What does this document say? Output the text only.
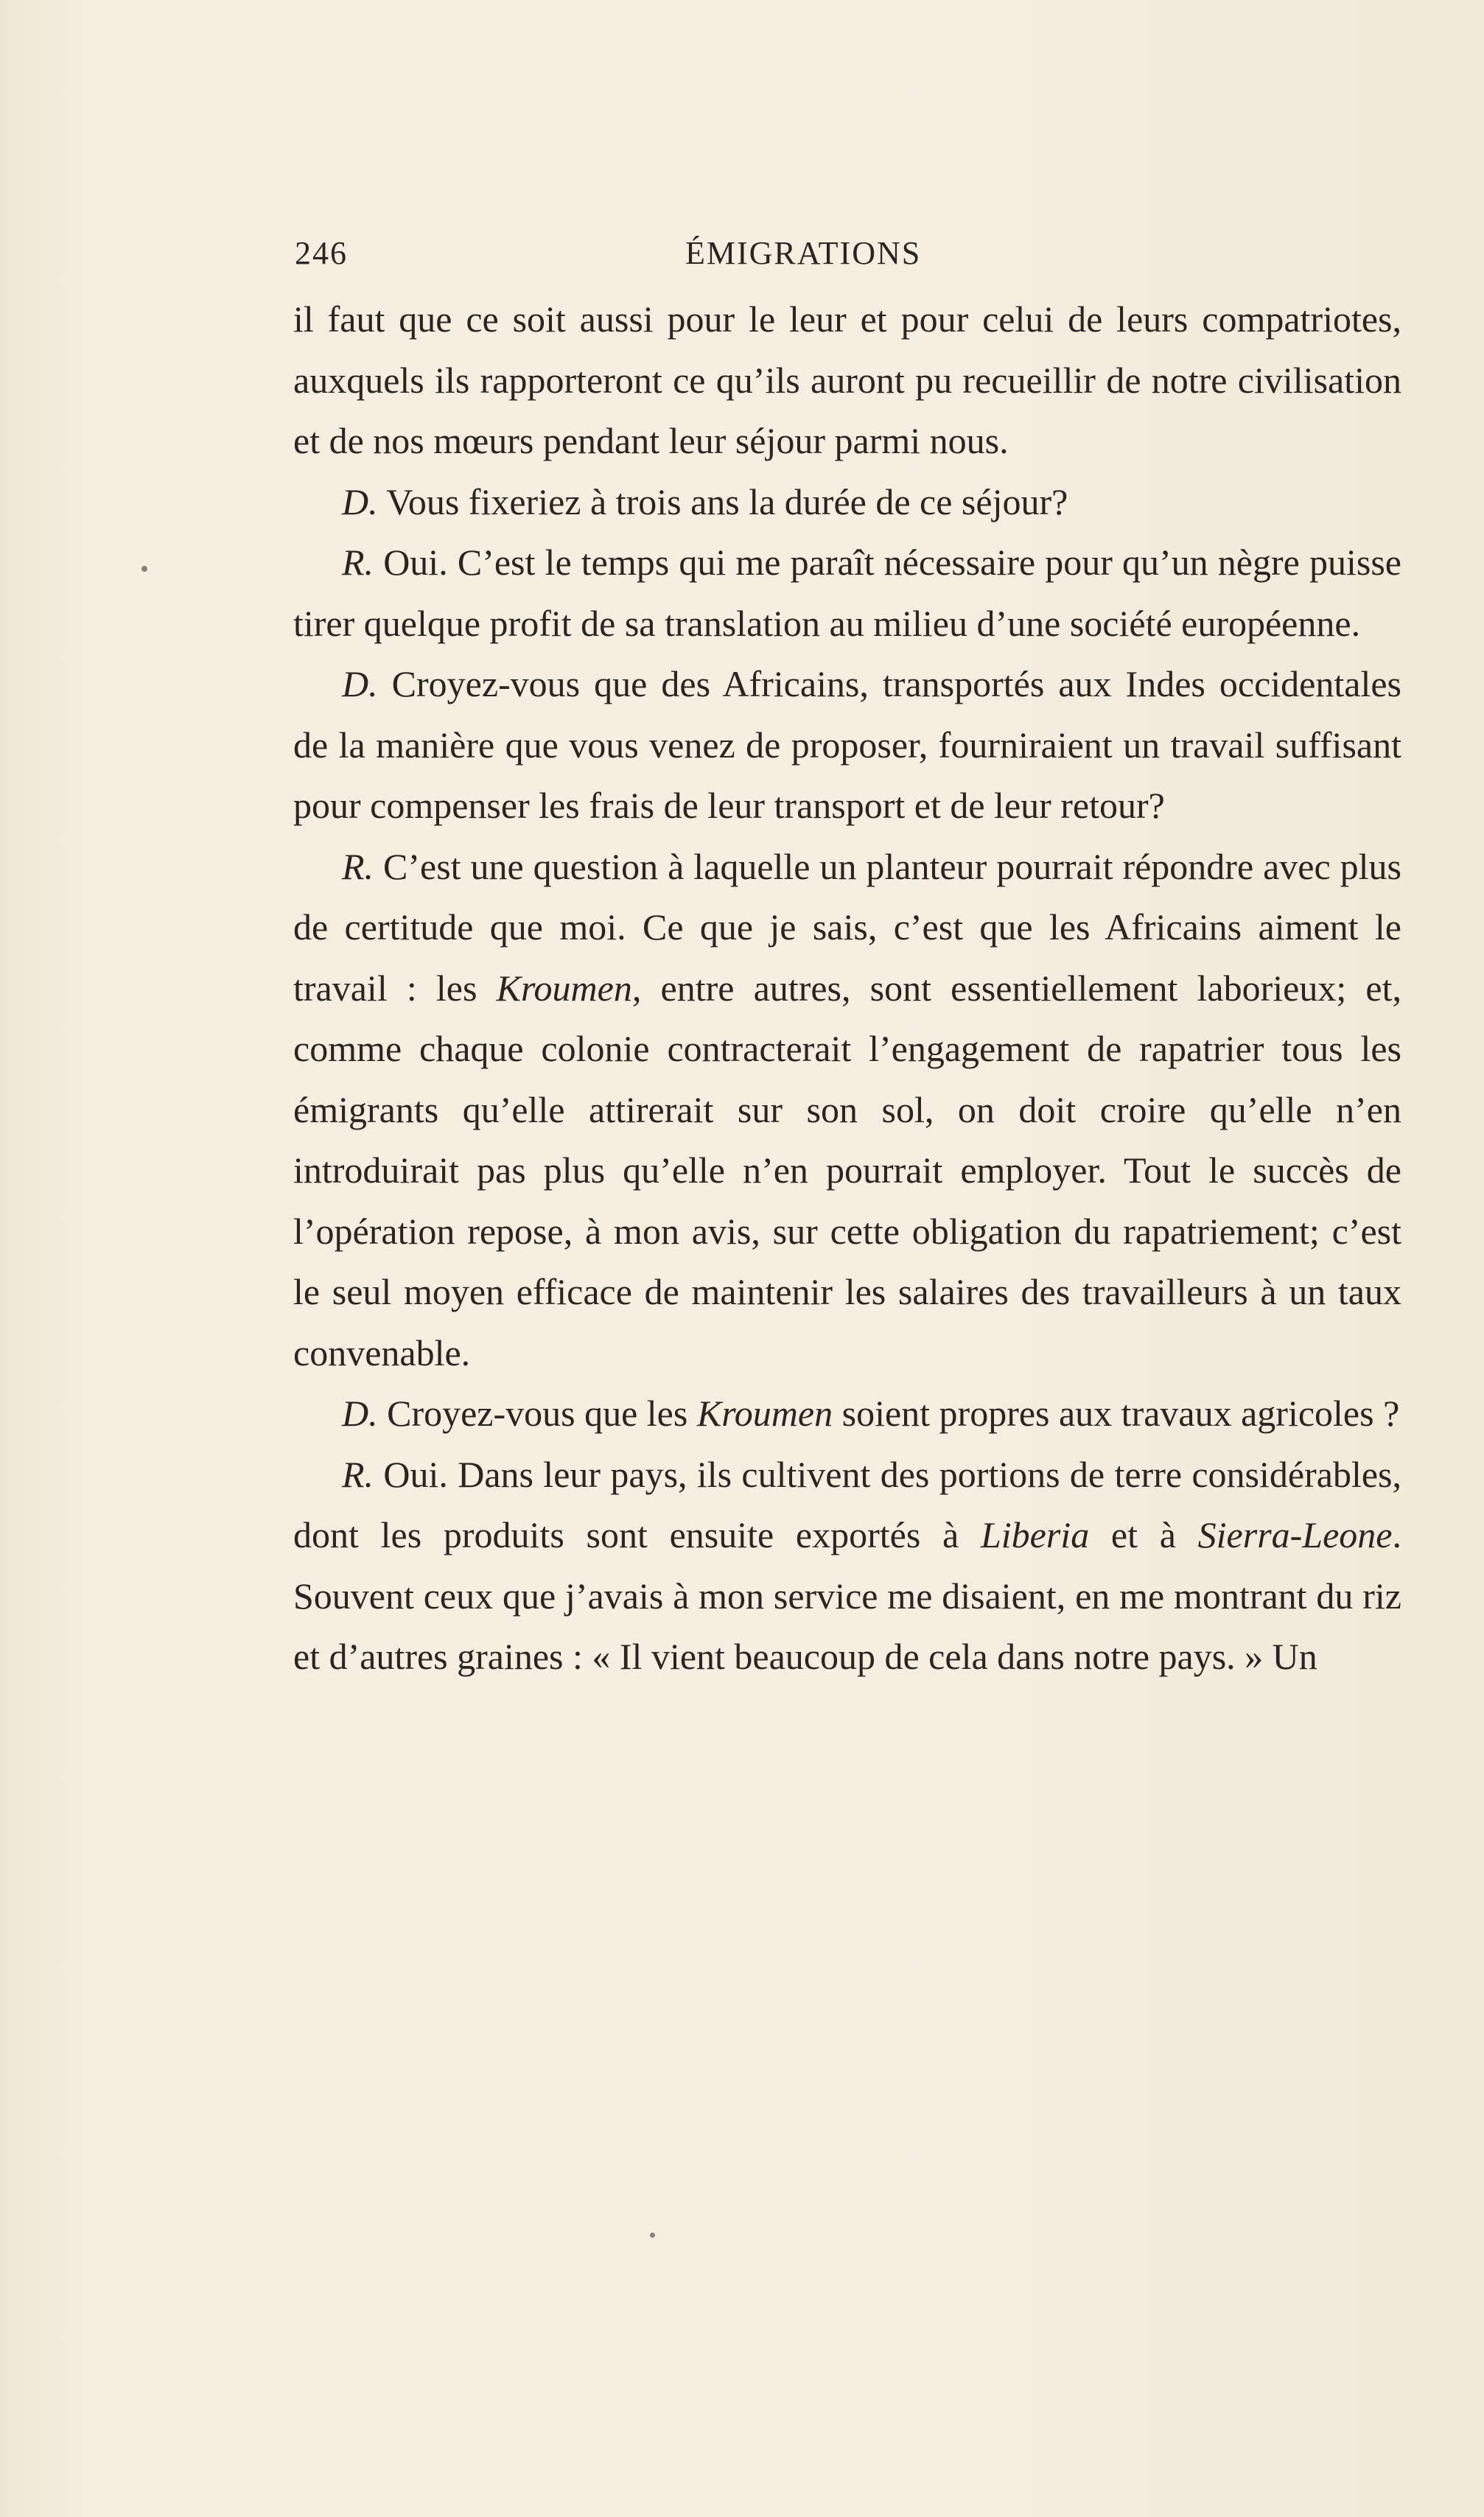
246	ÉMIGRATIONS

il faut que ce soit aussi pour le leur et pour celui de leurs compatriotes, auxquels ils rapporteront ce qu’ils auront pu recueillir de notre civilisation et de nos mœurs pendant leur séjour parmi nous.

D. Vous fixeriez à trois ans la durée de ce séjour?

R. Oui. C’est le temps qui me paraît nécessaire pour qu’un nègre puisse tirer quelque profit de sa translation au milieu d’une société européenne.

D. Croyez-vous que des Africains, transportés aux Indes occidentales de la manière que vous venez de proposer, fourniraient un travail suffisant pour compenser les frais de leur transport et de leur retour?

R. C’est une question à laquelle un planteur pourrait répondre avec plus de certitude que moi. Ce que je sais, c’est que les Africains aiment le travail : les Kroumen, entre autres, sont essentiellement laborieux; et, comme chaque colonie contracterait l’engagement de rapatrier tous les émigrants qu’elle attirerait sur son sol, on doit croire qu’elle n’en introduirait pas plus qu’elle n’en pourrait employer. Tout le succès de l’opération repose, à mon avis, sur cette obligation du rapatriement; c’est le seul moyen efficace de maintenir les salaires des travailleurs à un taux convenable.

D. Croyez-vous que les Kroumen soient propres aux travaux agricoles ?

R. Oui. Dans leur pays, ils cultivent des portions de terre considérables, dont les produits sont ensuite exportés à Liberia et à Sierra-Leone. Souvent ceux que j’avais à mon service me disaient, en me montrant du riz et d’autres graines : « Il vient beaucoup de cela dans notre pays. » Un
